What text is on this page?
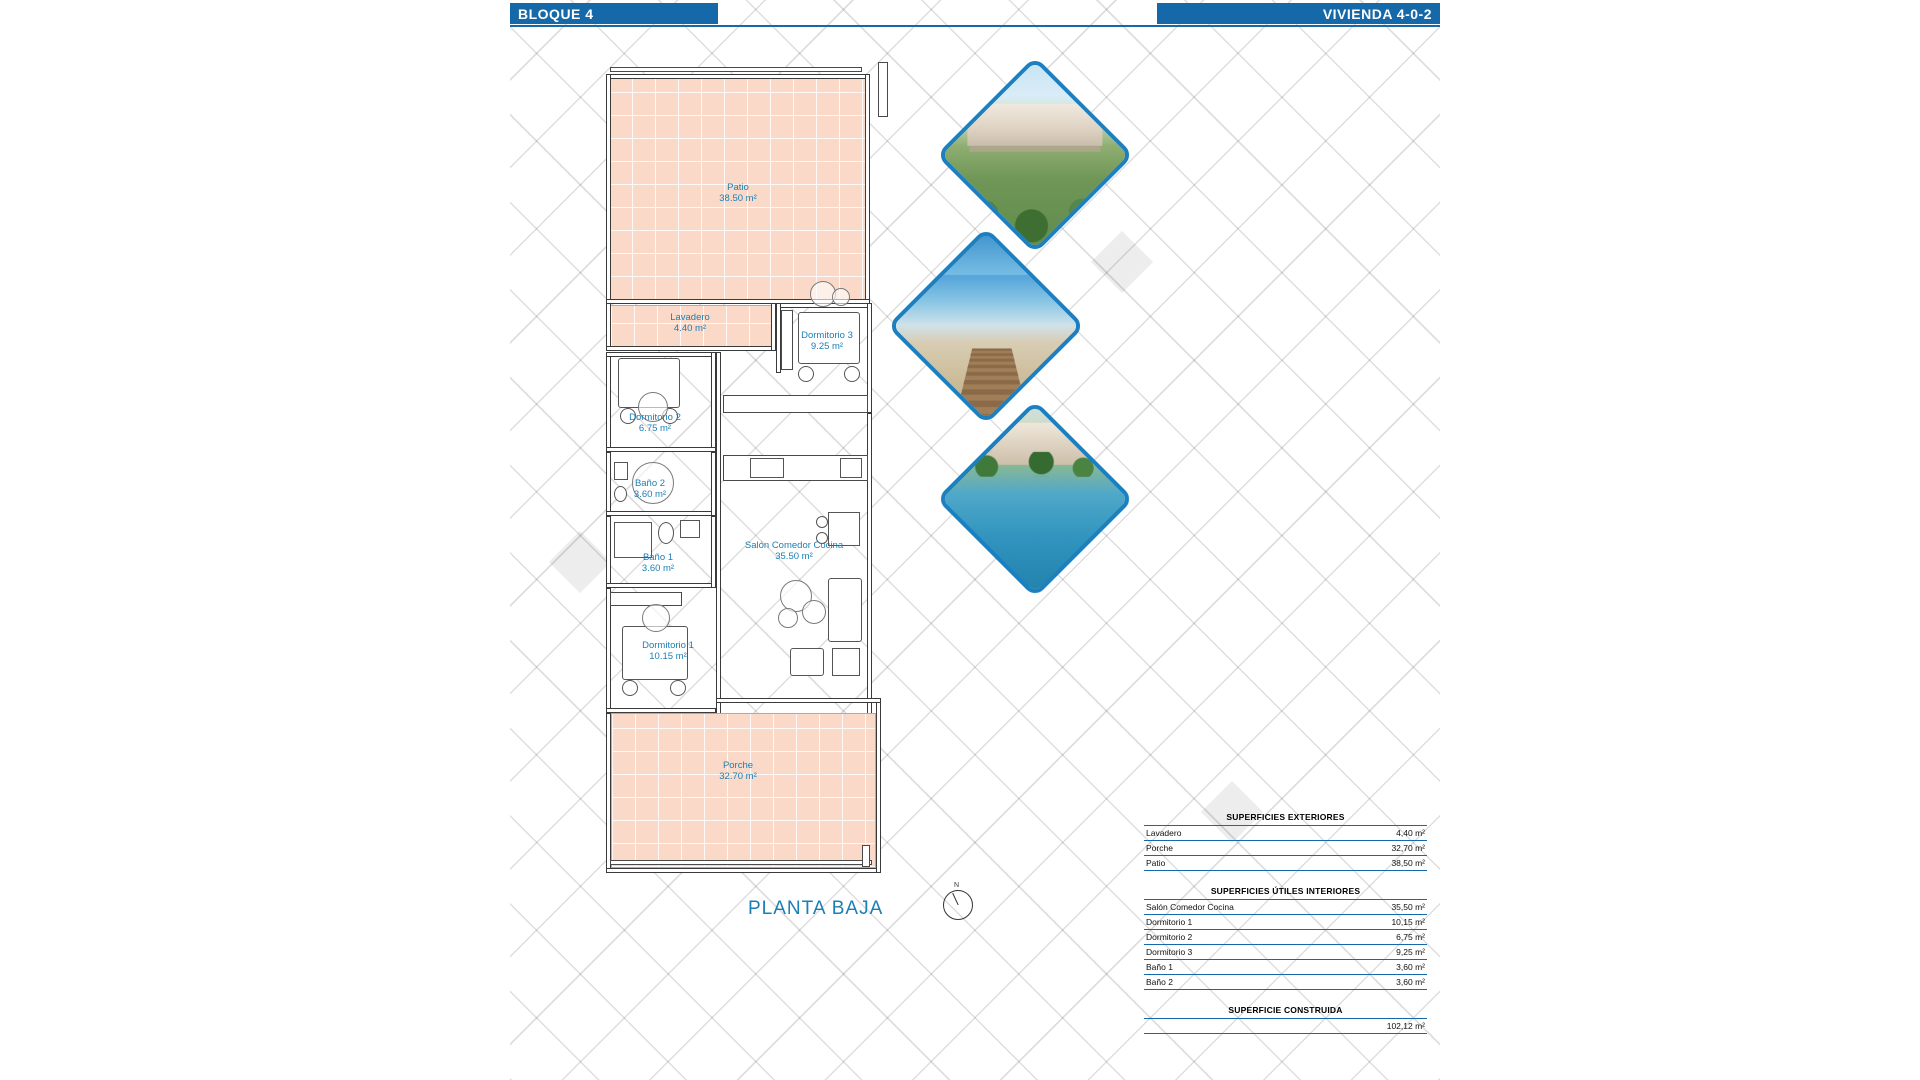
BLOQUE 4	VIVIENDA 4-0-2
Patio
38.50 m²
Lavadero
4.40 m²
Dormitorio 3
9.25 m²
Dormitorio 2
6.75 m²
Baño 2
3.60 m²
Baño 1
3.60 m²
Salón Comedor Cocina
35.50 m²
Dormitorio 1
10.15 m²
Porche
32.70 m²
PLANTA BAJA
N
SUPERFICIES EXTERIORES
Lavadero	4,40 m²
Porche	32,70 m²
Patio	38,50 m²
SUPERFICIES ÚTILES INTERIORES
Salón Comedor Cocina	35,50 m²
Dormitorio 1	10,15 m²
Dormitorio 2	6,75 m²
Dormitorio 3	9,25 m²
Baño 1	3,60 m²
Baño 2	3,60 m²
SUPERFICIE CONSTRUIDA
102,12 m²
